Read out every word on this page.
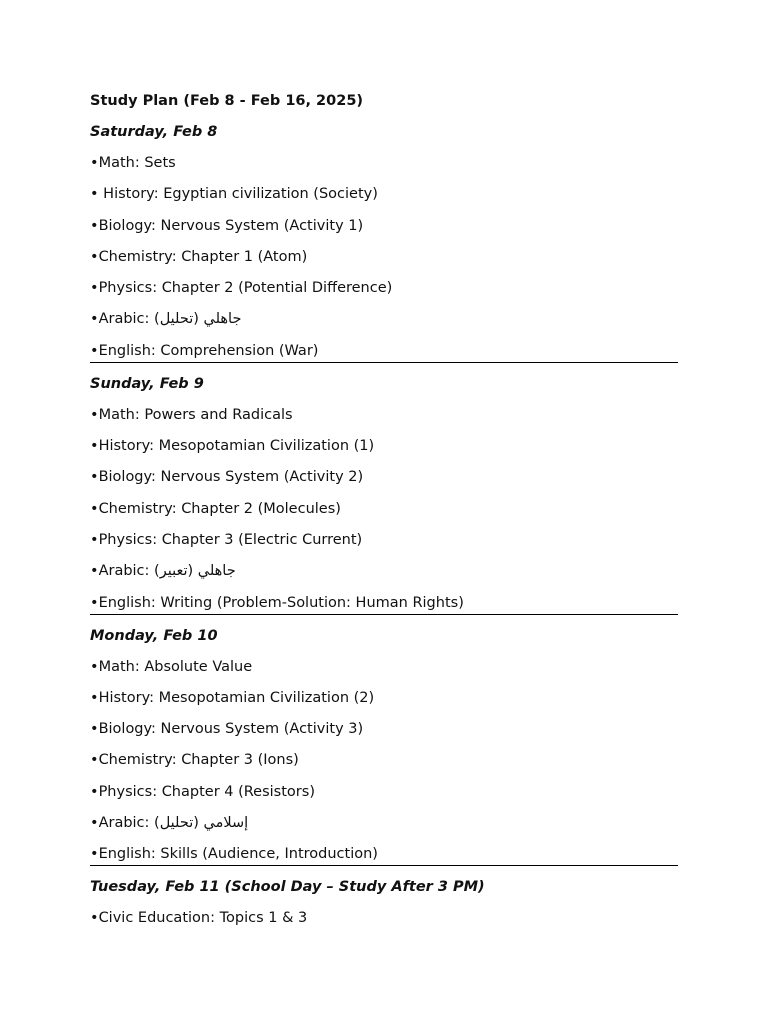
Study Plan (Feb 8 - Feb 16, 2025)
Saturday, Feb 8
•Math: Sets
• History: Egyptian civilization (Society)
•Biology: Nervous System (Activity 1)
•Chemistry: Chapter 1 (Atom)
•Physics: Chapter 2 (Potential Difference)
•Arabic: جاهلي (تحليل)
•English: Comprehension (War)
Sunday, Feb 9
•Math: Powers and Radicals
•History: Mesopotamian Civilization (1)
•Biology: Nervous System (Activity 2)
•Chemistry: Chapter 2 (Molecules)
•Physics: Chapter 3 (Electric Current)
•Arabic: جاهلي (تعبير)
•English: Writing (Problem-Solution: Human Rights)
Monday, Feb 10
•Math: Absolute Value
•History: Mesopotamian Civilization (2)
•Biology: Nervous System (Activity 3)
•Chemistry: Chapter 3 (Ions)
•Physics: Chapter 4 (Resistors)
•Arabic: إسلامي (تحليل)
•English: Skills (Audience, Introduction)
Tuesday, Feb 11 (School Day – Study After 3 PM)
•Civic Education: Topics 1 & 3
